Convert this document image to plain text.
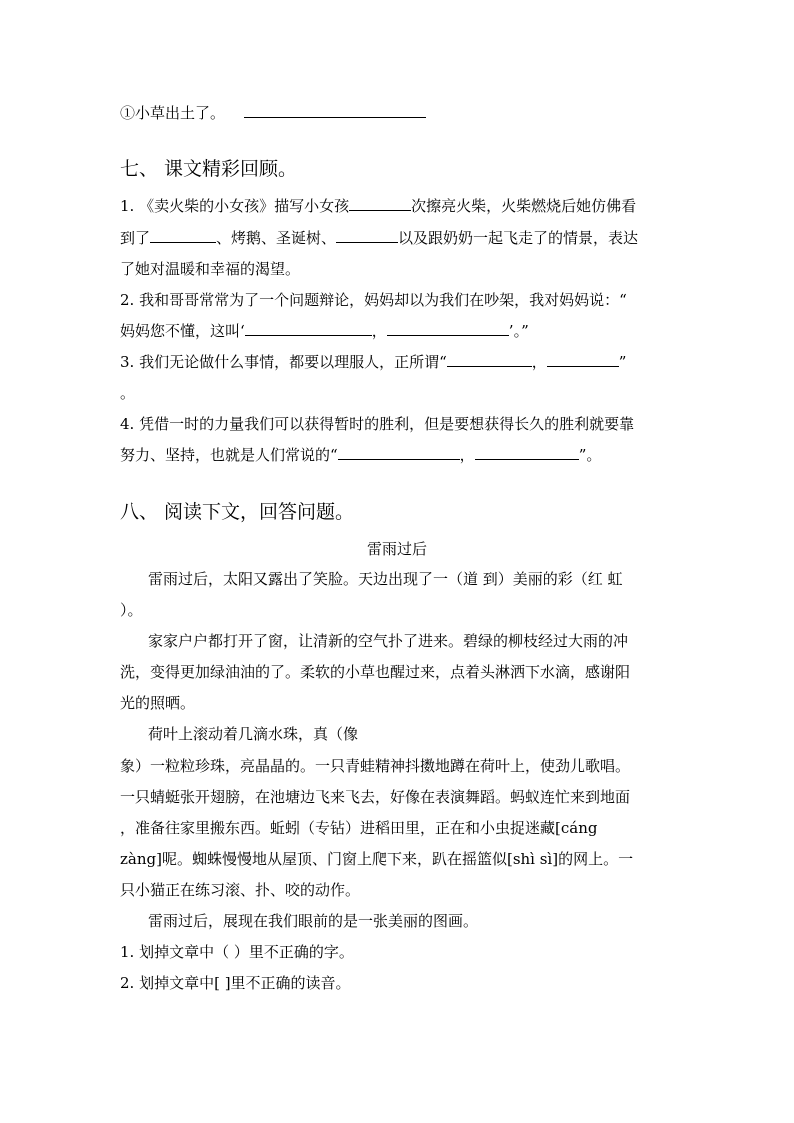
①小草出土了。
七、 课文精彩回顾。
1. 《卖火柴的小女孩》描写小女孩	次擦亮火柴，火柴燃烧后她仿佛看
到了	、烤鹅、圣诞树、	以及跟奶奶一起飞走了的情景，表达
了她对温暖和幸福的渴望。
2. 我和哥哥常常为了一个问题辩论，妈妈却以为我们在吵架，我对妈妈说：“
妈妈您不懂，这叫‘	，	’。”
3. 我们无论做什么事情，都要以理服人，正所谓“	，	”
。
4. 凭借一时的力量我们可以获得暂时的胜利，但是要想获得长久的胜利就要靠
努力、坚持，也就是人们常说的“	，	”。
八、 阅读下文，回答问题。
雷雨过后
雷雨过后，太阳又露出了笑脸。天边出现了一（道 到）美丽的彩（红 虹
）。
家家户户都打开了窗，让清新的空气扑了进来。碧绿的柳枝经过大雨的冲
洗，变得更加绿油油的了。柔软的小草也醒过来，点着头淋洒下水滴，感谢阳
光的照晒。
荷叶上滚动着几滴水珠，真（像
象）一粒粒珍珠，亮晶晶的。一只青蛙精神抖擞地蹲在荷叶上，使劲儿歌唱。
一只蜻蜓张开翅膀，在池塘边飞来飞去，好像在表演舞蹈。蚂蚁连忙来到地面
，准备往家里搬东西。蚯蚓（专钻）进稻田里，正在和小虫捉迷藏[cáng
zàng]呢。蜘蛛慢慢地从屋顶、门窗上爬下来，趴在摇篮似[shì sì]的网上。一
只小猫正在练习滚、扑、咬的动作。
雷雨过后，展现在我们眼前的是一张美丽的图画。
1. 划掉文章中（ ）里不正确的字。
2. 划掉文章中[ ]里不正确的读音。
